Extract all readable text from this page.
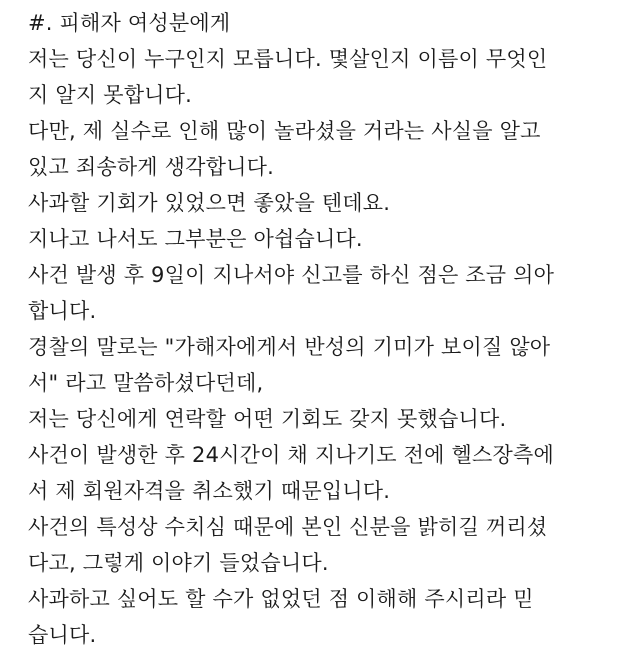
#. 피해자 여성분에게
저는 당신이 누구인지 모릅니다. 몇살인지 이름이 무엇인
지 알지 못합니다.
다만, 제 실수로 인해 많이 놀라셨을 거라는 사실을 알고
있고 죄송하게 생각합니다.
사과할 기회가 있었으면 좋았을 텐데요.
지나고 나서도 그부분은 아쉽습니다.
사건 발생 후 9일이 지나서야 신고를 하신 점은 조금 의아
합니다.
경찰의 말로는 "가해자에게서 반성의 기미가 보이질 않아
서" 라고 말씀하셨다던데,
저는 당신에게 연락할 어떤 기회도 갖지 못했습니다.
사건이 발생한 후 24시간이 채 지나기도 전에 헬스장측에
서 제 회원자격을 취소했기 때문입니다.
사건의 특성상 수치심 때문에 본인 신분을 밝히길 꺼리셨
다고, 그렇게 이야기 들었습니다.
사과하고 싶어도 할 수가 없었던 점 이해해 주시리라 믿
습니다.
